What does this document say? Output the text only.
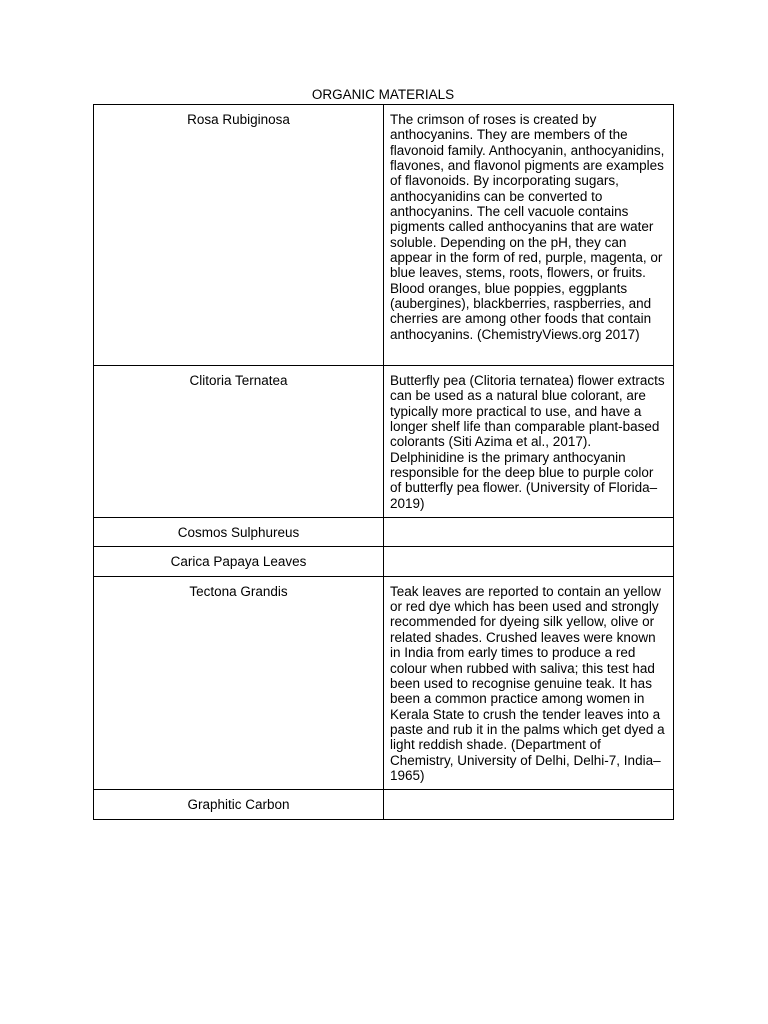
ORGANIC MATERIALS
Rosa Rubiginosa	The crimson of roses is created by anthocyanins. They are members of the flavonoid family. Anthocyanin, anthocyanidins, flavones, and flavonol pigments are examples of flavonoids. By incorporating sugars, anthocyanidins can be converted to anthocyanins. The cell vacuole contains pigments called anthocyanins that are water soluble. Depending on the pH, they can appear in the form of red, purple, magenta, or blue leaves, stems, roots, flowers, or fruits. Blood oranges, blue poppies, eggplants (aubergines), blackberries, raspberries, and cherries are among other foods that contain anthocyanins. (ChemistryViews.org 2017)

Clitoria Ternatea	Butterfly pea (Clitoria ternatea) flower extracts can be used as a natural blue colorant, are typically more practical to use, and have a longer shelf life than comparable plant-based colorants (Siti Azima et al., 2017). Delphinidine is the primary anthocyanin responsible for the deep blue to purple color of butterfly pea flower. (University of Florida–2019)

Cosmos Sulphureus	

Carica Papaya Leaves	

Tectona Grandis	Teak leaves are reported to contain an yellow or red dye which has been used and strongly recommended for dyeing silk yellow, olive or related shades. Crushed leaves were known in India from early times to produce a red colour when rubbed with saliva; this test had been used to recognise genuine teak. It has been a common practice among women in Kerala State to crush the tender leaves into a paste and rub it in the palms which get dyed a light reddish shade. (Department of Chemistry, University of Delhi, Delhi-7, India– 1965)

Graphitic Carbon	
